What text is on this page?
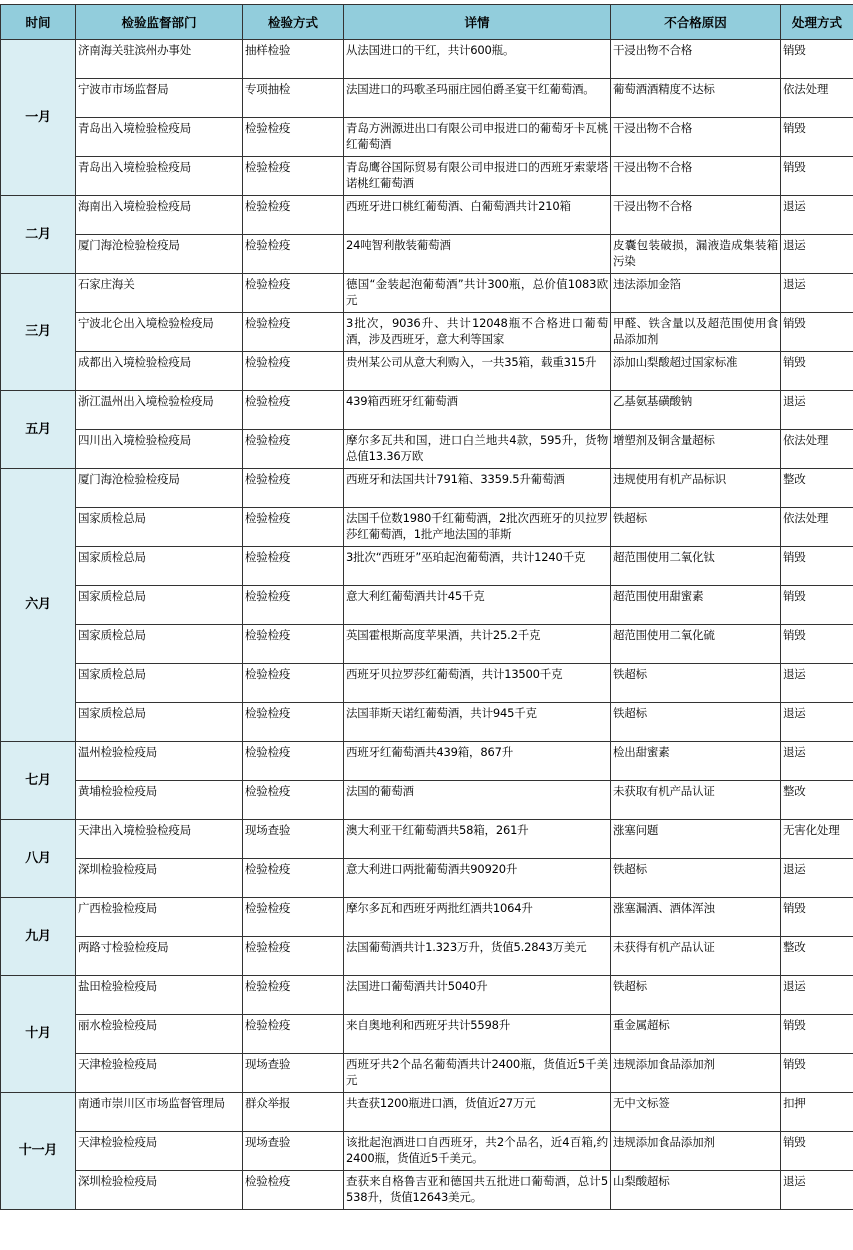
时间	检验监督部门	检验方式	详情	不合格原因	处理方式
一月	济南海关驻滨州办事处	抽样检验	从法国进口的干红，共计600瓶。	干浸出物不合格	销毁
	宁波市市场监督局	专项抽检	法国进口的玛歌圣玛丽庄园伯爵圣宴干红葡萄酒。	葡萄酒酒精度不达标	依法处理
	青岛出入境检验检疫局	检验检疫	青岛方洲源进出口有限公司申报进口的葡萄牙卡瓦桃红葡萄酒	干浸出物不合格	销毁
	青岛出入境检验检疫局	检验检疫	青岛鹰谷国际贸易有限公司申报进口的西班牙索蒙塔诺桃红葡萄酒	干浸出物不合格	销毁
二月	海南出入境检验检疫局	检验检疫	西班牙进口桃红葡萄酒、白葡萄酒共计210箱	干浸出物不合格	退运
	厦门海沧检验检疫局	检验检疫	24吨智利散装葡萄酒	皮囊包装破损，漏液造成集装箱污染	退运
三月	石家庄海关	检验检疫	德国“金装起泡葡萄酒”共计300瓶，总价值1083欧元	违法添加金箔	退运
	宁波北仑出入境检验检疫局	检验检疫	3批次，9036升、共计12048瓶不合格进口葡萄酒，涉及西班牙，意大利等国家	甲醛、铁含量以及超范围使用食品添加剂	销毁
	成都出入境检验检疫局	检验检疫	贵州某公司从意大利购入，一共35箱，载重315升	添加山梨酸超过国家标准	销毁
五月	浙江温州出入境检验检疫局	检验检疫	439箱西班牙红葡萄酒	乙基氨基磺酸钠	退运
	四川出入境检验检疫局	检验检疫	摩尔多瓦共和国，进口白兰地共4款，595升，货物总值13.36万欧	增塑剂及铜含量超标	依法处理
六月	厦门海沧检验检疫局	检验检疫	西班牙和法国共计791箱、3359.5升葡萄酒	违规使用有机产品标识	整改
	国家质检总局	检验检疫	法国千位数1980千红葡萄酒，2批次西班牙的贝拉罗莎红葡萄酒，1批产地法国的菲斯	铁超标	依法处理
	国家质检总局	检验检疫	3批次“西班牙”巫珀起泡葡萄酒，共计1240千克	超范围使用二氧化钛	销毁
	国家质检总局	检验检疫	意大利红葡萄酒共计45千克	超范围使用甜蜜素	销毁
	国家质检总局	检验检疫	英国霍根斯高度苹果酒，共计25.2千克	超范围使用二氧化硫	销毁
	国家质检总局	检验检疫	西班牙贝拉罗莎红葡萄酒，共计13500千克	铁超标	退运
	国家质检总局	检验检疫	法国菲斯天诺红葡萄酒，共计945千克	铁超标	退运
七月	温州检验检疫局	检验检疫	西班牙红葡萄酒共439箱，867升	检出甜蜜素	退运
	黄埔检验检疫局	检验检疫	法国的葡萄酒	未获取有机产品认证	整改
八月	天津出入境检验检疫局	现场查验	澳大利亚干红葡萄酒共58箱，261升	涨塞问题	无害化处理
	深圳检验检疫局	检验检疫	意大利进口两批葡萄酒共90920升	铁超标	退运
九月	广西检验检疫局	检验检疫	摩尔多瓦和西班牙两批红酒共1064升	涨塞漏酒、酒体浑浊	销毁
	两路寸检验检疫局	检验检疫	法国葡萄酒共计1.323万升，货值5.2843万美元	未获得有机产品认证	整改
十月	盐田检验检疫局	检验检疫	法国进口葡萄酒共计5040升	铁超标	退运
	丽水检验检疫局	检验检疫	来自奥地利和西班牙共计5598升	重金属超标	销毁
	天津检验检疫局	现场查验	西班牙共2个品名葡萄酒共计2400瓶，货值近5千美元	违规添加食品添加剂	销毁
十一月	南通市崇川区市场监督管理局	群众举报	共查获1200瓶进口酒，货值近27万元	无中文标签	扣押
	天津检验检疫局	现场查验	该批起泡酒进口自西班牙，共2个品名，近4百箱,约2400瓶，货值近5千美元。	违规添加食品添加剂	销毁
	深圳检验检疫局	检验检疫	查获来自格鲁吉亚和德国共五批进口葡萄酒，总计5538升，货值12643美元。	山梨酸超标	退运
